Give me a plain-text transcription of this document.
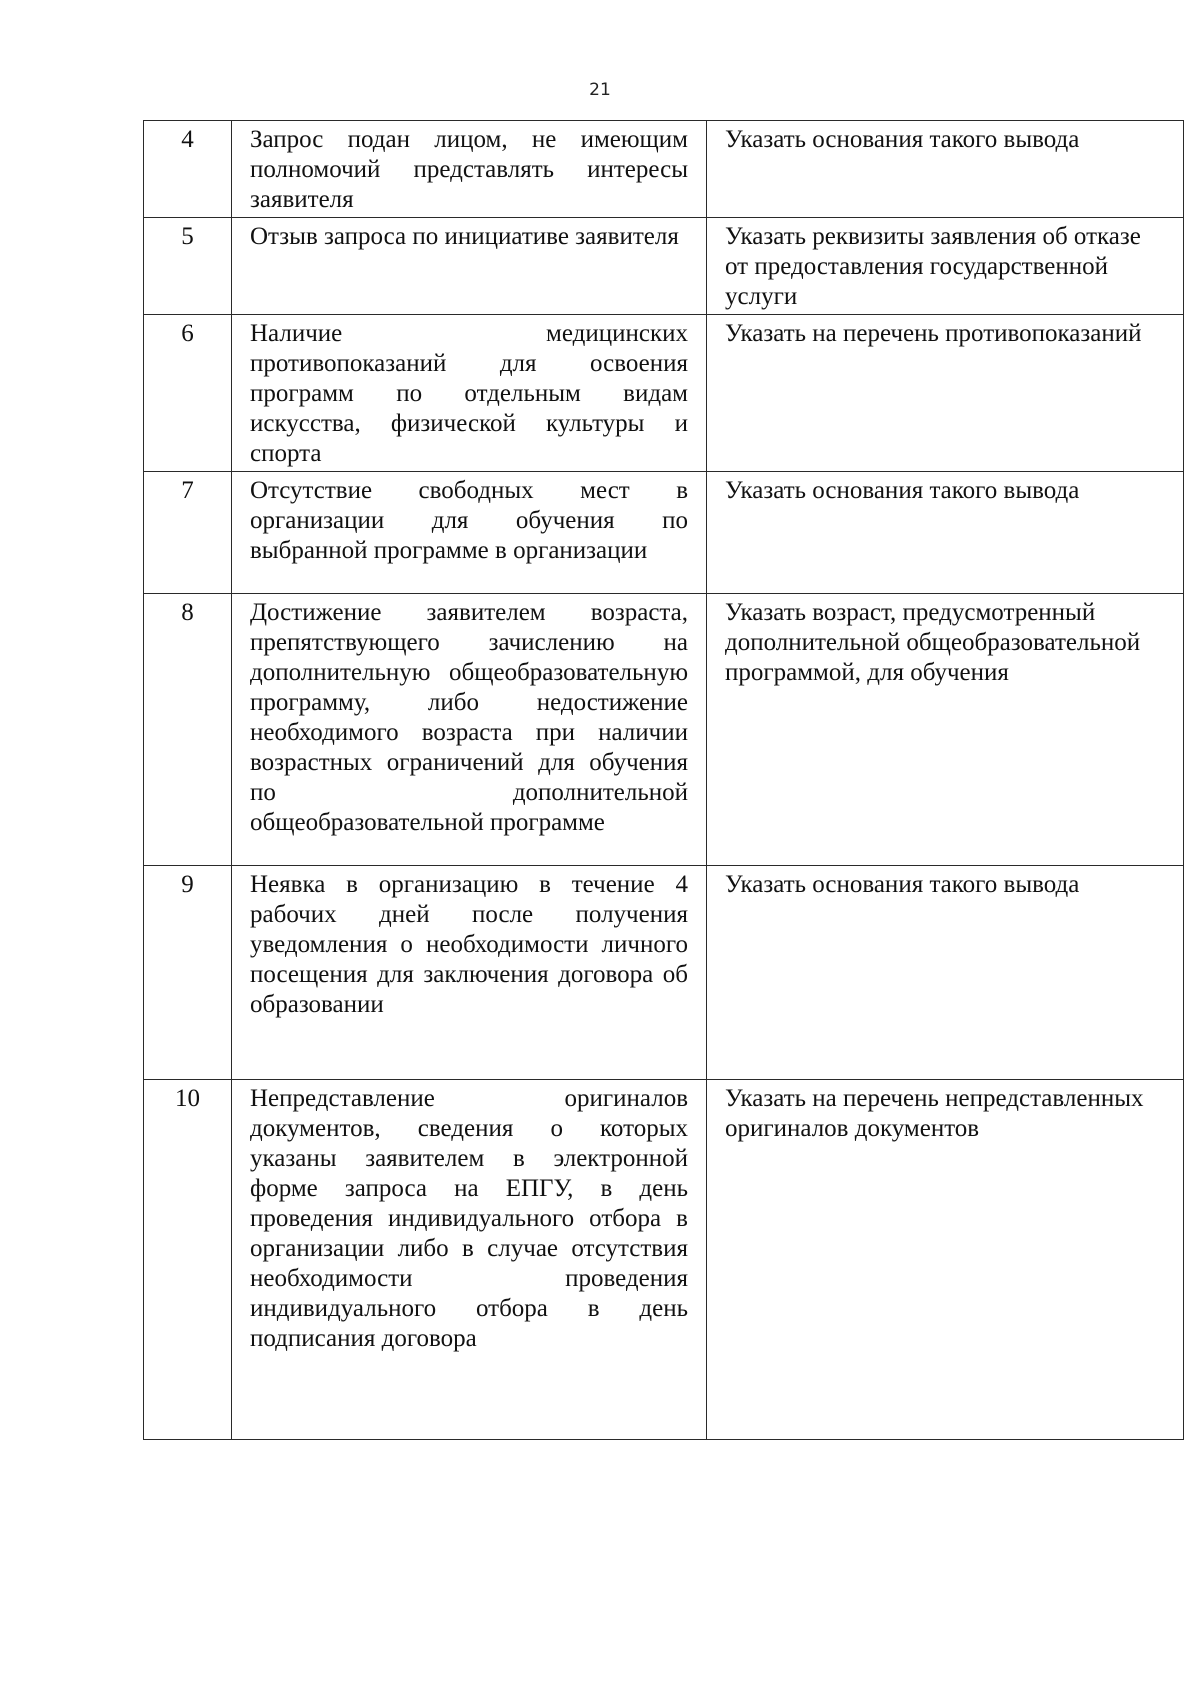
21
4	Запрос подан лицом, не имеющим полномочий представлять интересы заявителя	Указать основания такого вывода
5	Отзыв запроса по инициативе заявителя	Указать реквизиты заявления об отказе от предоставления государственной услуги
6	Наличие медицинских противопоказаний для освоения программ по отдельным видам искусства, физической культуры и спорта	Указать на перечень противопоказаний
7	Отсутствие свободных мест в организации для обучения по выбранной программе в организации	Указать основания такого вывода
8	Достижение заявителем возраста, препятствующего зачислению на дополнительную общеобразовательную программу, либо недостижение необходимого возраста при наличии возрастных ограничений для обучения по дополнительной общеобразовательной программе	Указать возраст, предусмотренный дополнительной общеобразовательной программой, для обучения
9	Неявка в организацию в течение 4 рабочих дней после получения уведомления о необходимости личного посещения для заключения договора об образовании	Указать основания такого вывода
10	Непредставление оригиналов документов, сведения о которых указаны заявителем в электронной форме запроса на ЕПГУ, в день проведения индивидуального отбора в организации либо в случае отсутствия необходимости проведения индивидуального отбора в день подписания договора	Указать на перечень непредставленных оригиналов документов
